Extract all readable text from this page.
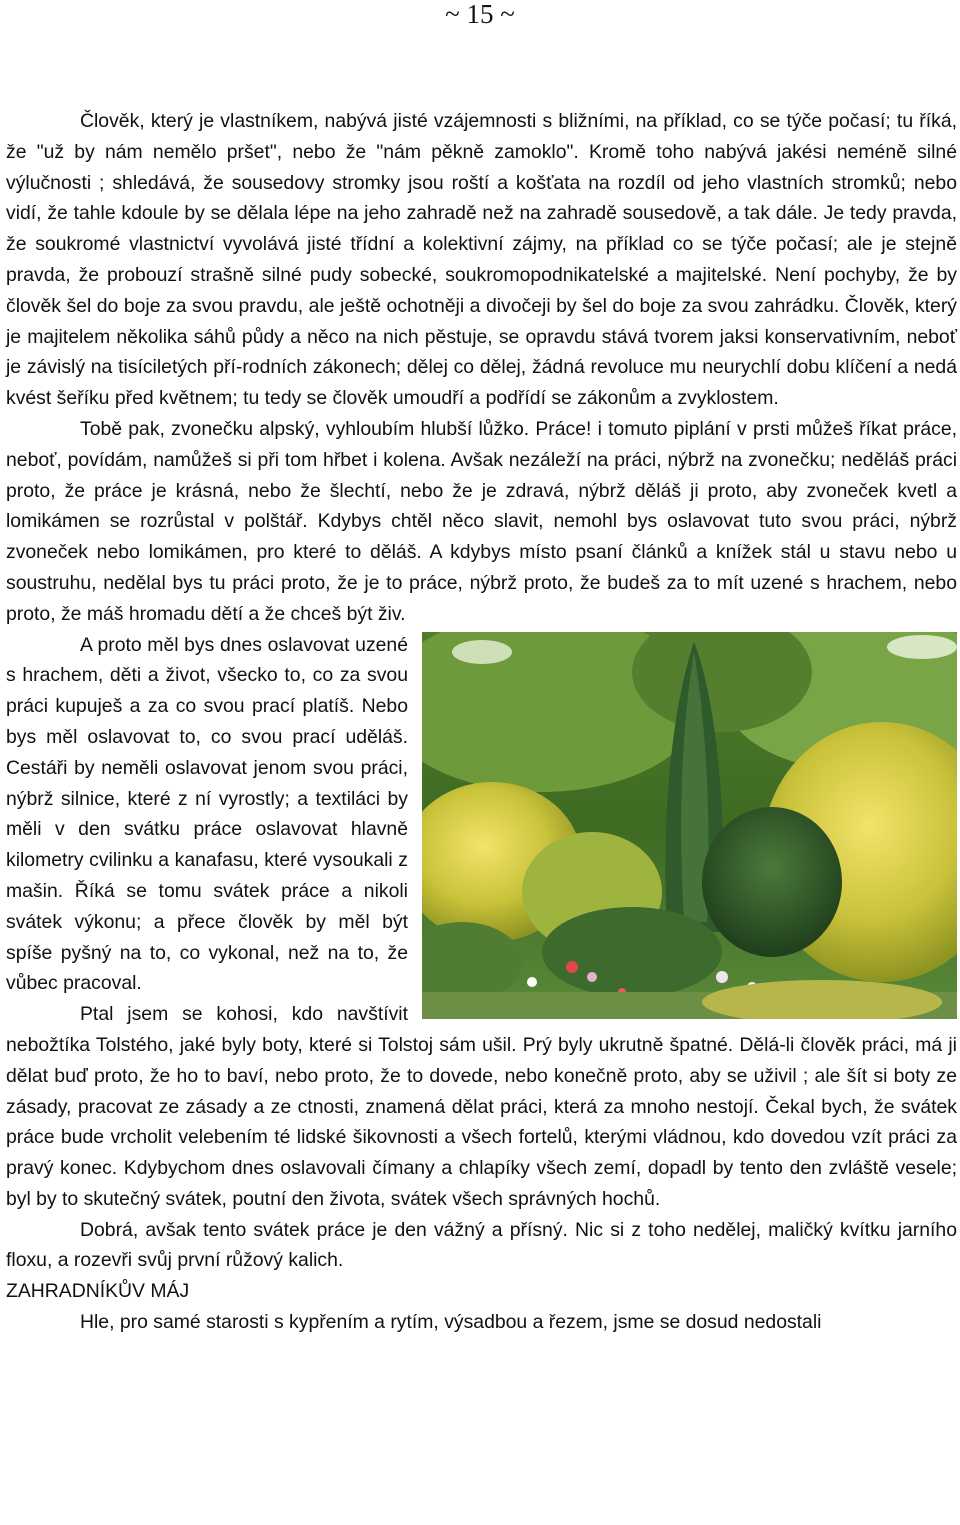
~ 15 ~

Člověk, který je vlastníkem, nabývá jisté vzájemnosti s bližními, na příklad, co se týče počasí; tu říká, že "už by nám nemělo pršet", nebo že "nám pěkně zamoklo". Kromě toho nabývá jakési neméně silné výlučnosti ; shledává, že sousedovy stromky jsou roští a košťata na rozdíl od jeho vlastních stromků; nebo vidí, že tahle kdoule by se dělala lépe na jeho zahradě než na zahradě sousedově, a tak dále. Je tedy pravda, že soukromé vlastnictví vyvolává jisté třídní a kolektivní zájmy, na příklad co se týče počasí; ale je stejně pravda, že probouzí strašně silné pudy sobecké, soukromopodnikatelské a majitelské. Není pochyby, že by člověk šel do boje za svou pravdu, ale ještě ochotněji a divočeji by šel do boje za svou zahrádku. Člověk, který je majitelem několika sáhů půdy a něco na nich pěstuje, se opravdu stává tvorem jaksi konservativním, neboť je závislý na tisíciletých pří-rodních zákonech; dělej co dělej, žádná revoluce mu neurychlí dobu klíčení a nedá kvést šeříku před květnem; tu tedy se člověk umoudří a podřídí se zákonům a zvyklostem.

Tobě pak, zvonečku alpský, vyhloubím hlubší lůžko. Práce! i tomuto piplání v prsti můžeš říkat práce, neboť, povídám, namůžeš si při tom hřbet i kolena. Avšak nezáleží na práci, nýbrž na zvonečku; neděláš práci proto, že práce je krásná, nebo že šlechtí, nebo že je zdravá, nýbrž děláš ji proto, aby zvoneček kvetl a lomikámen se rozrůstal v polštář. Kdybys chtěl něco slavit, nemohl bys oslavovat tuto svou práci, nýbrž zvoneček nebo lomikámen, pro které to děláš. A kdybys místo psaní článků a knížek stál u stavu nebo u soustruhu, nedělal bys tu práci proto, že je to práce, nýbrž proto, že budeš za to mít uzené s hrachem, nebo proto, že máš hromadu dětí a že chceš být živ.

A proto měl bys dnes oslavovat uzené s hrachem, děti a život, všecko to, co za svou práci kupuješ a za co svou prací platíš. Nebo bys měl oslavovat to, co svou prací uděláš. Cestáři by neměli oslavovat jenom svou práci, nýbrž silnice, které z ní vyrostly; a textiláci by měli v den svátku práce oslavovat hlavně kilometry cvilinku a kanafasu, které vysoukali z mašin. Říká se tomu svátek práce a nikoli svátek výkonu; a přece člověk by měl být spíše pyšný na to, co vykonal, než na to, že vůbec pracoval.

Ptal jsem se kohosi, kdo navštívit nebožtíka Tolstého, jaké byly boty, které si Tolstoj sám ušil. Prý byly ukrutně špatné. Dělá-li člověk práci, má ji dělat buď proto, že ho to baví, nebo proto, že to dovede, nebo konečně proto, aby se uživil ; ale šít si boty ze zásady, pracovat ze zásady a ze ctnosti, znamená dělat práci, která za mnoho nestojí. Čekal bych, že svátek práce bude vrcholit velebením té lidské šikovnosti a všech fortelů, kterými vládnou, kdo dovedou vzít práci za pravý konec. Kdybychom dnes oslavovali čímany a chlapíky všech zemí, dopadl by tento den zvláště vesele; byl by to skutečný svátek, poutní den života, svátek všech správných hochů.

Dobrá, avšak tento svátek práce je den vážný a přísný. Nic si z toho nedělej, maličký kvítku jarního floxu, a rozevři svůj první růžový kalich.

ZAHRADNÍKŮV MÁJ

Hle, pro samé starosti s kypřením a rytím, výsadbou a řezem, jsme se dosud nedostali
